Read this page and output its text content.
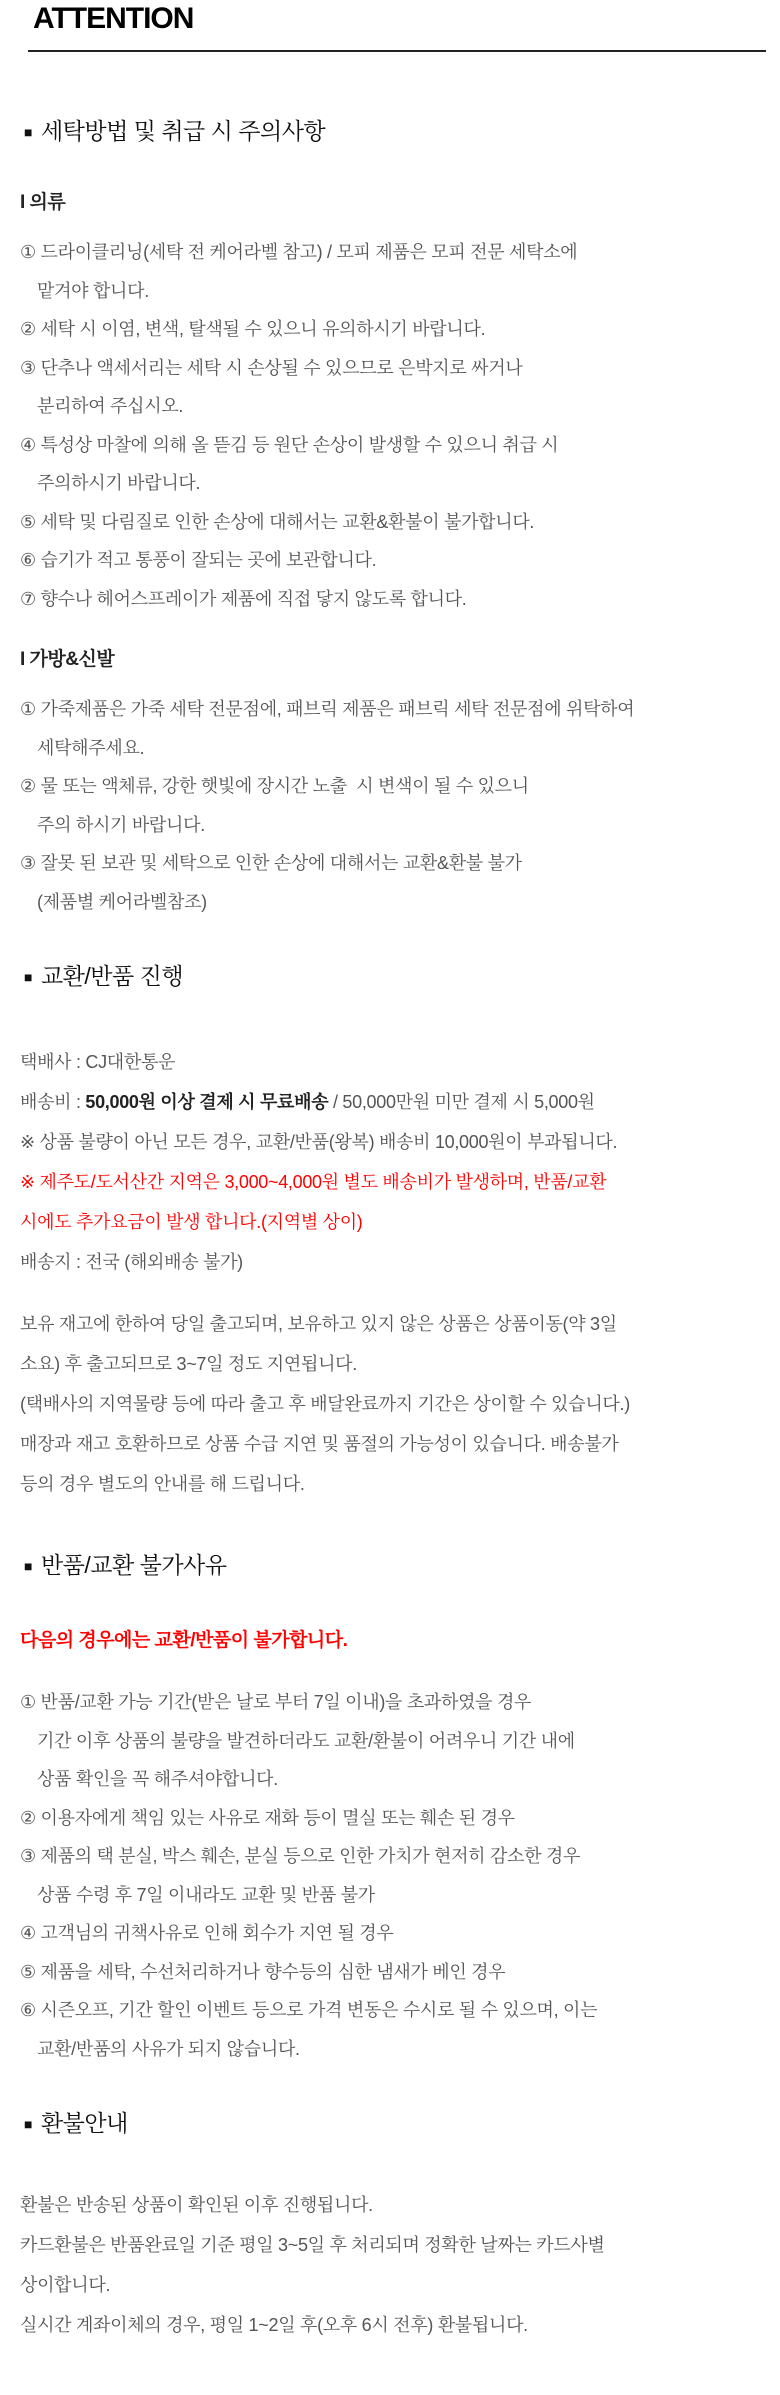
ATTENTION
■ 세탁방법 및 취급 시 주의사항
I 의류
① 드라이클리닝(세탁 전 케어라벨 참고) / 모피 제품은 모피 전문 세탁소에
맡겨야 합니다.
② 세탁 시 이염, 변색, 탈색될 수 있으니 유의하시기 바랍니다.
③ 단추나 액세서리는 세탁 시 손상될 수 있으므로 은박지로 싸거나
분리하여 주십시오.
④ 특성상 마찰에 의해 올 뜯김 등 원단 손상이 발생할 수 있으니 취급 시
주의하시기 바랍니다.
⑤ 세탁 및 다림질로 인한 손상에 대해서는 교환&환불이 불가합니다.
⑥ 습기가 적고 통풍이 잘되는 곳에 보관합니다.
⑦ 향수나 헤어스프레이가 제품에 직접 닿지 않도록 합니다.
I 가방&신발
① 가죽제품은 가죽 세탁 전문점에, 패브릭 제품은 패브릭 세탁 전문점에 위탁하여
세탁해주세요.
② 물 또는 액체류, 강한 햇빛에 장시간 노출  시 변색이 될 수 있으니
주의 하시기 바랍니다.
③ 잘못 된 보관 및 세탁으로 인한 손상에 대해서는 교환&환불 불가
(제품별 케어라벨참조)
■ 교환/반품 진행
택배사 : CJ대한통운
배송비 : 50,000원 이상 결제 시 무료배송 / 50,000만원 미만 결제 시 5,000원
※ 상품 불량이 아닌 모든 경우, 교환/반품(왕복) 배송비 10,000원이 부과됩니다.
※ 제주도/도서산간 지역은 3,000~4,000원 별도 배송비가 발생하며, 반품/교환
시에도 추가요금이 발생 합니다.(지역별 상이)
배송지 : 전국 (해외배송 불가)
보유 재고에 한하여 당일 출고되며, 보유하고 있지 않은 상품은 상품이동(약 3일
소요) 후 출고되므로 3~7일 정도 지연됩니다.
(택배사의 지역물량 등에 따라 출고 후 배달완료까지 기간은 상이할 수 있습니다.)
매장과 재고 호환하므로 상품 수급 지연 및 품절의 가능성이 있습니다. 배송불가
등의 경우 별도의 안내를 해 드립니다.
■ 반품/교환 불가사유
다음의 경우에는 교환/반품이 불가합니다.
① 반품/교환 가능 기간(받은 날로 부터 7일 이내)을 초과하였을 경우
기간 이후 상품의 불량을 발견하더라도 교환/환불이 어려우니 기간 내에
상품 확인을 꼭 해주셔야합니다.
② 이용자에게 책임 있는 사유로 재화 등이 멸실 또는 훼손 된 경우
③ 제품의 택 분실, 박스 훼손, 분실 등으로 인한 가치가 현저히 감소한 경우
상품 수령 후 7일 이내라도 교환 및 반품 불가
④ 고객님의 귀책사유로 인해 회수가 지연 될 경우
⑤ 제품을 세탁, 수선처리하거나 향수등의 심한 냄새가 베인 경우
⑥ 시즌오프, 기간 할인 이벤트 등으로 가격 변동은 수시로 될 수 있으며, 이는
교환/반품의 사유가 되지 않습니다.
■ 환불안내
환불은 반송된 상품이 확인된 이후 진행됩니다.
카드환불은 반품완료일 기준 평일 3~5일 후 처리되며 정확한 날짜는 카드사별
상이합니다.
실시간 계좌이체의 경우, 평일 1~2일 후(오후 6시 전후) 환불됩니다.
